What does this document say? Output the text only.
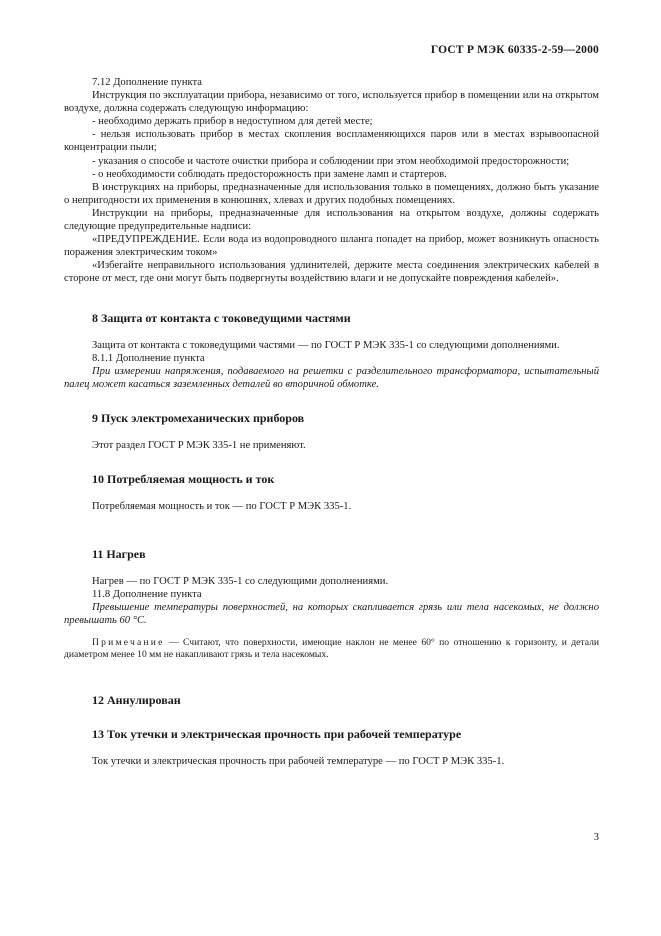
ГОСТ Р МЭК 60335-2-59—2000

7.12 Дополнение пункта

Инструкция по эксплуатации прибора, независимо от того, используется прибор в помещении или на открытом воздухе, должна содержать следующую информацию:

- необходимо держать прибор в недоступном для детей месте;

- нельзя использовать прибор в местах скопления воспламеняющихся паров или в местах взрывоопасной концентрации пыли;

- указания о способе и частоте очистки прибора и соблюдении при этом необходимой предосторожности;

- о необходимости соблюдать предосторожность при замене ламп и стартеров.

В инструкциях на приборы, предназначенные для использования только в помещениях, должно быть указание о непригодности их применения в конюшнях, хлевах и других подобных помещениях.

Инструкции на приборы, предназначенные для использования на открытом воздухе, должны содержать следующие предупредительные надписи:

«ПРЕДУПРЕЖДЕНИЕ. Если вода из водопроводного шланга попадет на прибор, может возникнуть опасность поражения электрическим током»

«Избегайте неправильного использования удлинителей, держите места соединения электрических кабелей в стороне от мест, где они могут быть подвергнуты воздействию влаги и не допускайте повреждения кабелей».

8 Защита от контакта с токоведущими частями

Защита от контакта с токоведущими частями — по ГОСТ Р МЭК 335-1 со следующими дополнениями.

8.1.1 Дополнение пункта

При измерении напряжения, подаваемого на решетки с разделительного трансформатора, испытательный палец может касаться заземленных деталей во вторичной обмотке.

9 Пуск электромеханических приборов

Этот раздел ГОСТ Р МЭК 335-1 не применяют.

10 Потребляемая мощность и ток

Потребляемая мощность и ток — по ГОСТ Р МЭК 335-1.

11 Нагрев

Нагрев — по ГОСТ Р МЭК 335-1 со следующими дополнениями.

11.8 Дополнение пункта

Превышение температуры поверхностей, на которых скапливается грязь или тела насекомых, не должно превышать 60 °С.

Примечание — Считают, что поверхности, имеющие наклон не менее 60° по отношению к горизонту, и детали диаметром менее 10 мм не накапливают грязь и тела насекомых.

12 Аннулирован

13 Ток утечки и электрическая прочность при рабочей температуре

Ток утечки и электрическая прочность при рабочей температуре — по ГОСТ Р МЭК 335-1.

3
